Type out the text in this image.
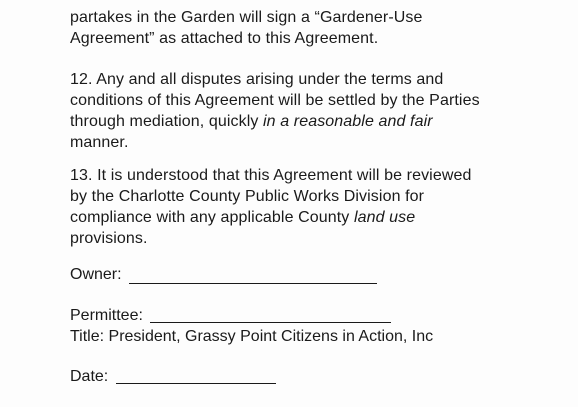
partakes in the Garden will sign a “Gardener-Use
Agreement” as attached to this Agreement.

12. Any and all disputes arising under the terms and
conditions of this Agreement will be settled by the Parties
through mediation, quickly in a reasonable and fair
manner.

13. It is understood that this Agreement will be reviewed
by the Charlotte County Public Works Division for
compliance with any applicable County land use
provisions.

Owner:
Permittee:
Title: President, Grassy Point Citizens in Action, Inc
Date:
